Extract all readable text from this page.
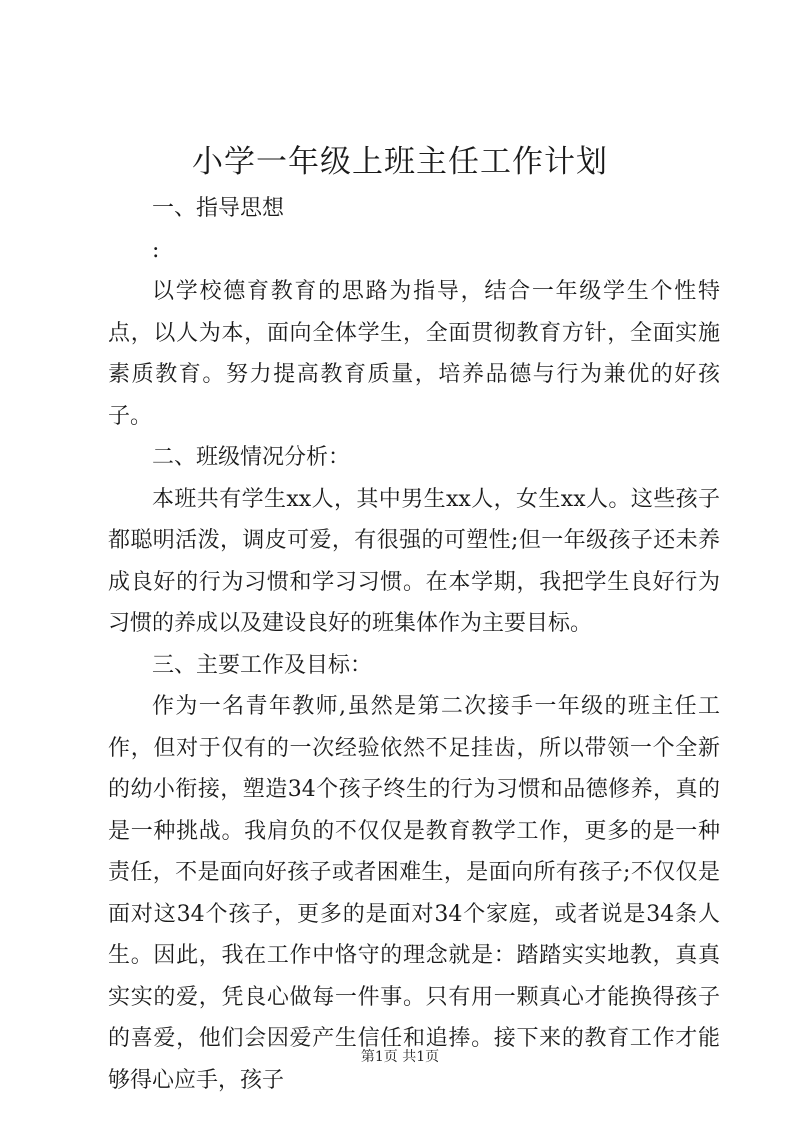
小学一年级上班主任工作计划

一、指导思想

:

以学校德育教育的思路为指导，结合一年级学生个性特点，以人为本，面向全体学生，全面贯彻教育方针，全面实施素质教育。努力提高教育质量，培养品德与行为兼优的好孩子。

二、班级情况分析：

本班共有学生xx人，其中男生xx人，女生xx人。这些孩子都聪明活泼，调皮可爱，有很强的可塑性;但一年级孩子还未养成良好的行为习惯和学习习惯。在本学期，我把学生良好行为习惯的养成以及建设良好的班集体作为主要目标。

三、主要工作及目标：

作为一名青年教师,虽然是第二次接手一年级的班主任工作，但对于仅有的一次经验依然不足挂齿，所以带领一个全新的幼小衔接，塑造34个孩子终生的行为习惯和品德修养，真的是一种挑战。我肩负的不仅仅是教育教学工作，更多的是一种责任，不是面向好孩子或者困难生，是面向所有孩子;不仅仅是面对这34个孩子，更多的是面对34个家庭，或者说是34条人生。因此，我在工作中恪守的理念就是：踏踏实实地教，真真实实的爱，凭良心做每一件事。只有用一颗真心才能换得孩子的喜爱，他们会因爱产生信任和追捧。接下来的教育工作才能够得心应手，孩子

第1页 共1页
